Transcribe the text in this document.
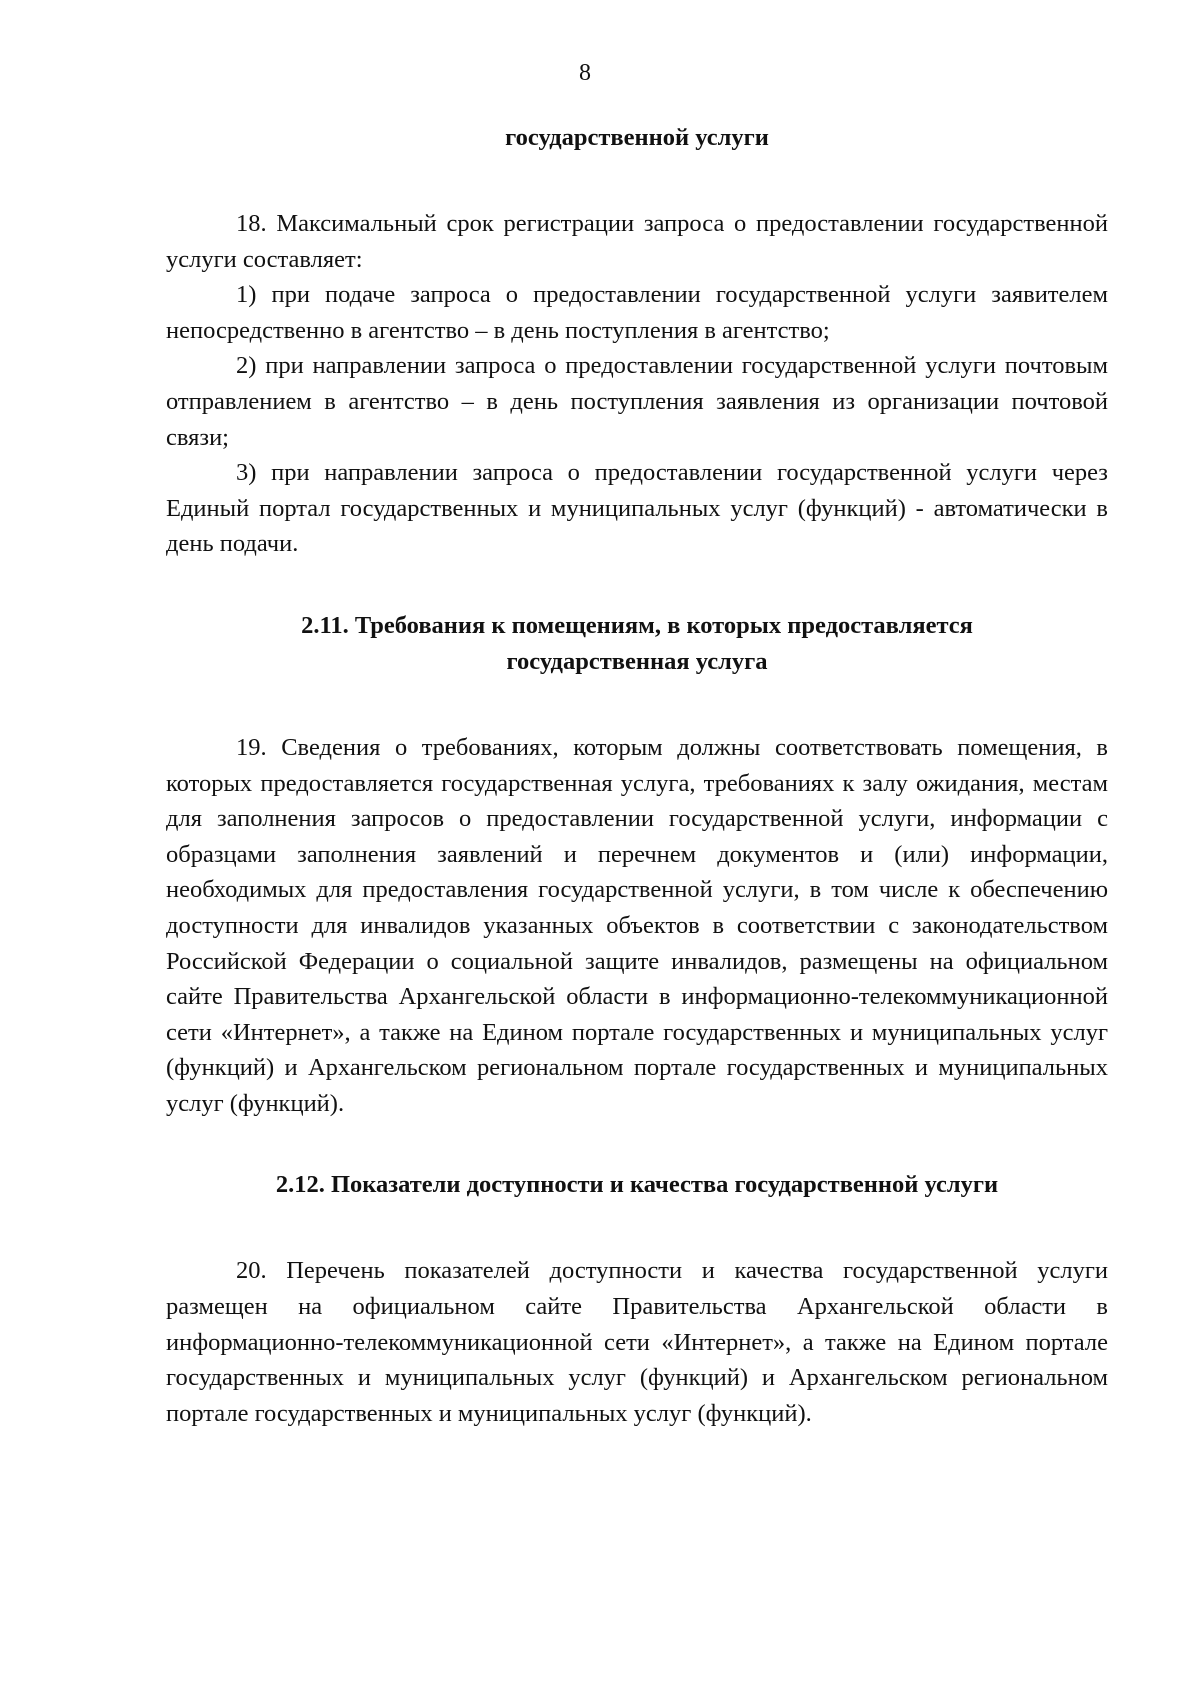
8

государственной услуги

18. Максимальный срок регистрации запроса о предоставлении государственной услуги составляет:

1) при подаче запроса о предоставлении государственной услуги заявителем непосредственно в агентство – в день поступления в агентство;

2) при направлении запроса о предоставлении государственной услуги почтовым отправлением в агентство – в день поступления заявления из организации почтовой связи;

3) при направлении запроса о предоставлении государственной услуги через Единый портал государственных и муниципальных услуг (функций) - автоматически в день подачи.

2.11. Требования к помещениям, в которых предоставляется

государственная услуга

19. Сведения о требованиях, которым должны соответствовать помещения, в которых предоставляется государственная услуга, требованиях к залу ожидания, местам для заполнения запросов о предоставлении государственной услуги, информации с образцами заполнения заявлений и перечнем документов и (или) информации, необходимых для предоставления государственной услуги, в том числе к обеспечению доступности для инвалидов указанных объектов в соответствии с законодательством Российской Федерации о социальной защите инвалидов, размещены на официальном сайте Правительства Архангельской области в информационно-телекоммуникационной сети «Интернет», а также на Едином портале государственных и муниципальных услуг (функций) и Архангельском региональном портале государственных и муниципальных услуг (функций).

2.12. Показатели доступности и качества государственной услуги

20. Перечень показателей доступности и качества государственной услуги размещен на официальном сайте Правительства Архангельской области в информационно-телекоммуникационной сети «Интернет», а также на Едином портале государственных и муниципальных услуг (функций) и Архангельском региональном портале государственных и муниципальных услуг (функций).
